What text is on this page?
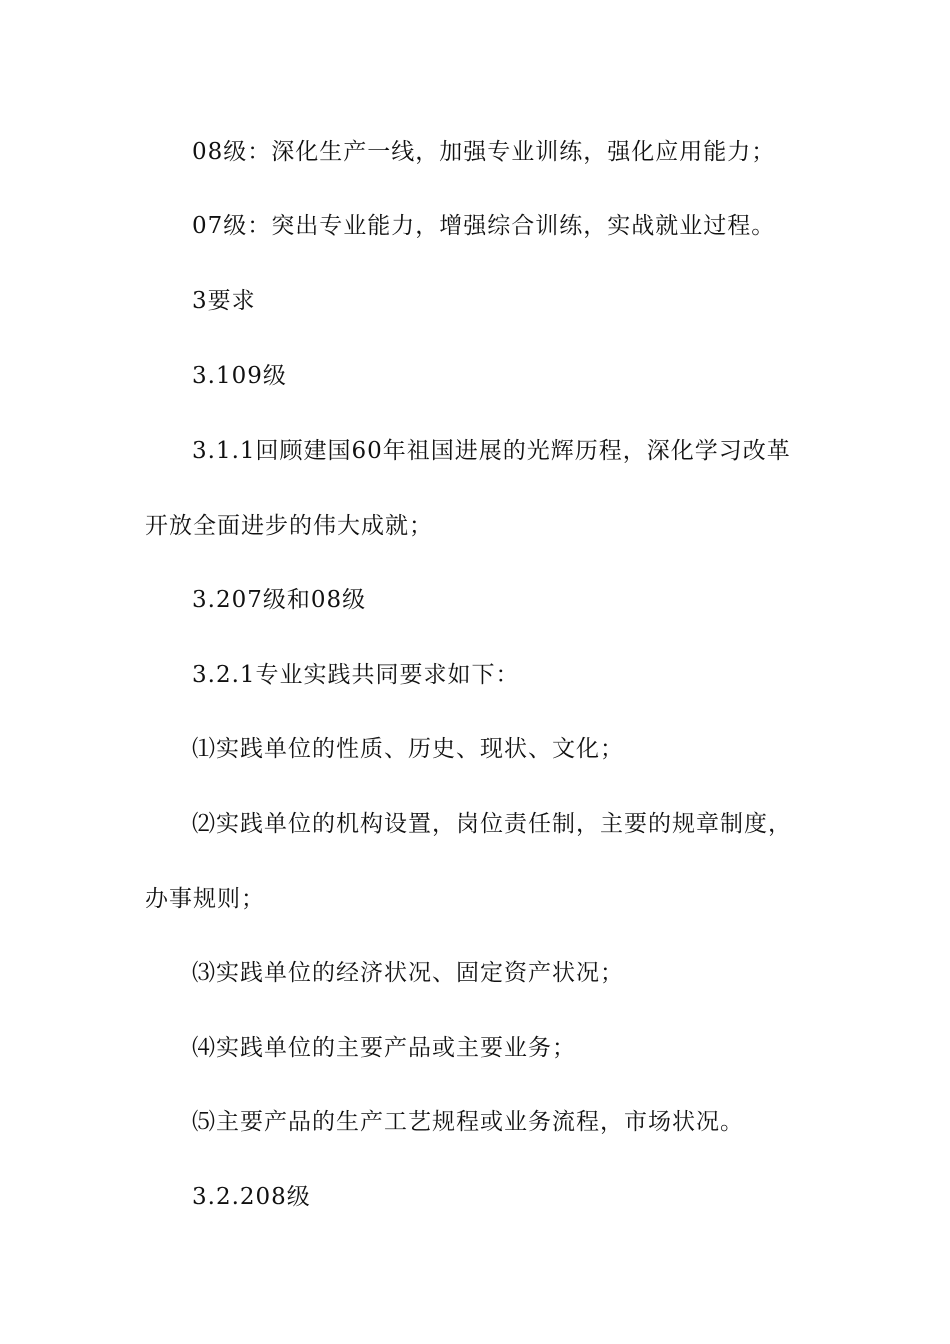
08级：深化生产一线，加强专业训练，强化应用能力；
07级：突出专业能力，增强综合训练，实战就业过程。
3要求
3.109级
3.1.1回顾建国60年祖国进展的光辉历程，深化学习改革开放全面进步的伟大成就；
3.207级和08级
3.2.1专业实践共同要求如下：
⑴实践单位的性质、历史、现状、文化；
⑵实践单位的机构设置，岗位责任制，主要的规章制度，办事规则；
⑶实践单位的经济状况、固定资产状况；
⑷实践单位的主要产品或主要业务；
⑸主要产品的生产工艺规程或业务流程，市场状况。
3.2.208级
